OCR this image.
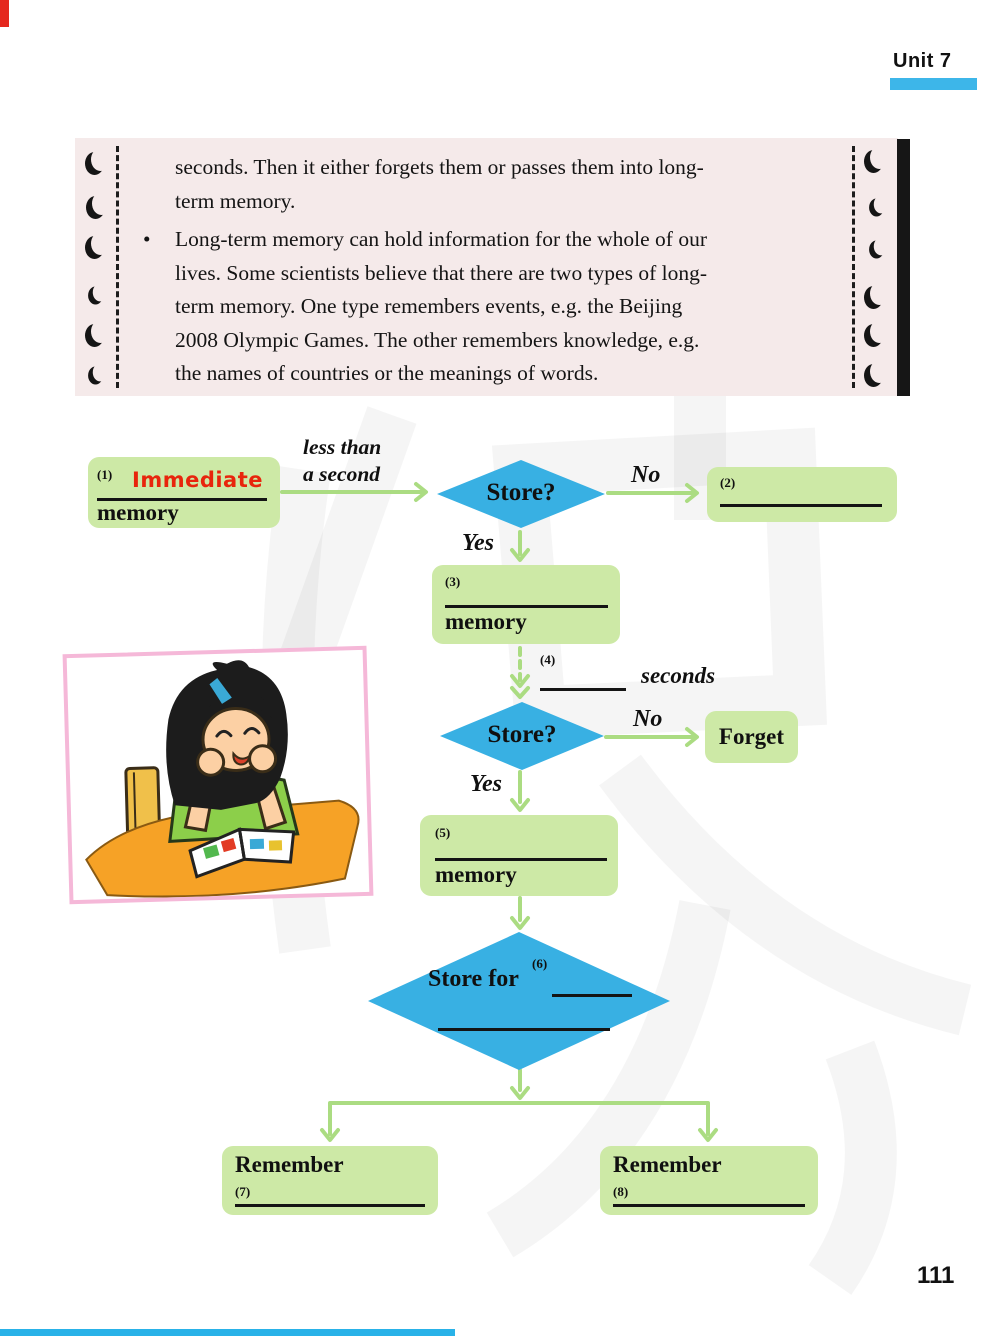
Unit 7
seconds. Then it either forgets them or passes them into long-
term memory.
•	Long-term memory can hold information for the whole of our
lives. Some scientists believe that there are two types of long-
term memory. One type remembers events, e.g. the Beijing
2008 Olympic Games. The other remembers knowledge, e.g.
the names of countries or the meanings of words.
(1) Immediate
memory
less than
a second
Store?
No
Yes
(2)
(3)
memory
(4)
seconds
Store?
No
Yes
Forget
(5)
memory
Store for
(6)
Remember
(7)
Remember
(8)
111
